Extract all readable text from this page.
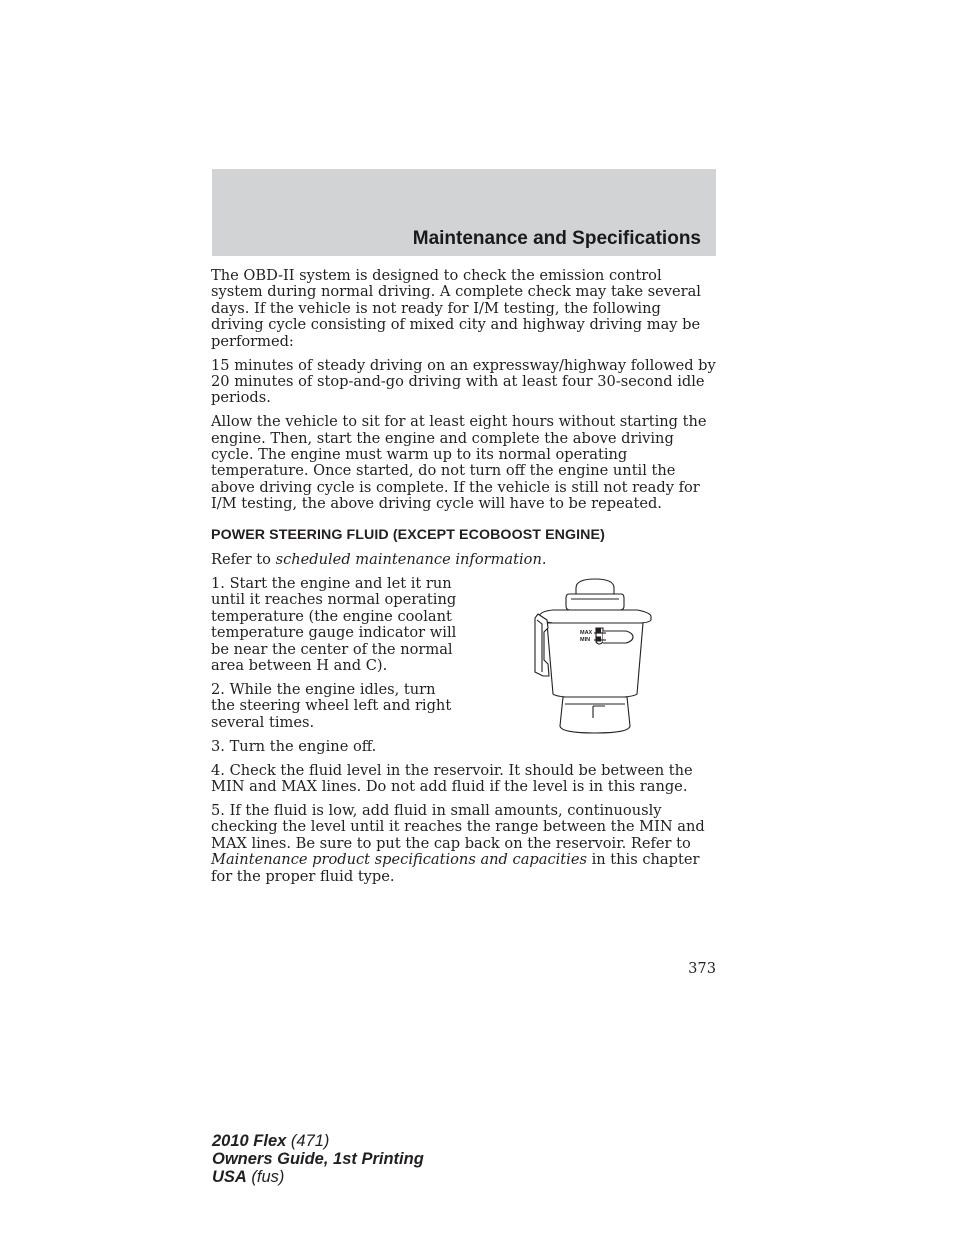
Maintenance and Specifications

The OBD-II system is designed to check the emission control system during normal driving. A complete check may take several days. If the vehicle is not ready for I/M testing, the following driving cycle consisting of mixed city and highway driving may be performed:

15 minutes of steady driving on an expressway/highway followed by 20 minutes of stop-and-go driving with at least four 30-second idle periods.

Allow the vehicle to sit for at least eight hours without starting the engine. Then, start the engine and complete the above driving cycle. The engine must warm up to its normal operating temperature. Once started, do not turn off the engine until the above driving cycle is complete. If the vehicle is still not ready for I/M testing, the above driving cycle will have to be repeated.

POWER STEERING FLUID (EXCEPT ECOBOOST ENGINE)

Refer to scheduled maintenance information.

1. Start the engine and let it run until it reaches normal operating temperature (the engine coolant temperature gauge indicator will be near the center of the normal area between H and C).

2. While the engine idles, turn the steering wheel left and right several times.

3. Turn the engine off.

MAX
MIN

4. Check the fluid level in the reservoir. It should be between the MIN and MAX lines. Do not add fluid if the level is in this range.

5. If the fluid is low, add fluid in small amounts, continuously checking the level until it reaches the range between the MIN and MAX lines. Be sure to put the cap back on the reservoir. Refer to Maintenance product specifications and capacities in this chapter for the proper fluid type.

373
2010 Flex (471)
Owners Guide, 1st Printing
USA (fus)
